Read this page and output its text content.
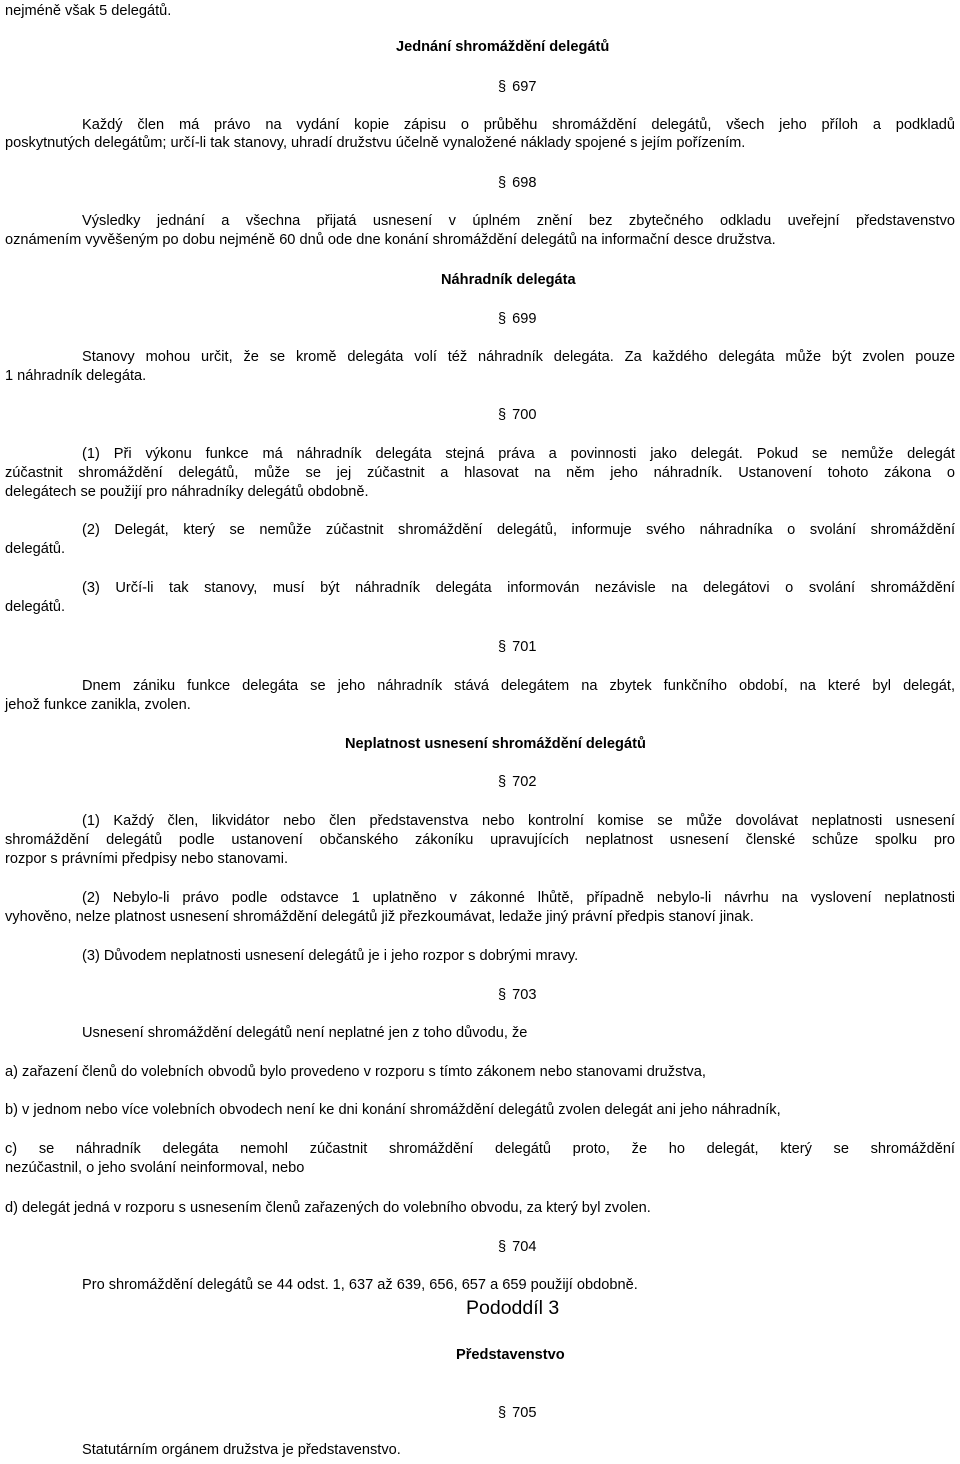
nejméně však 5 delegátů.
Jednání shromáždění delegátů
§ 697
Každý člen má právo na vydání kopie zápisu o průběhu shromáždění delegátů, všech jeho příloh a podkladů
poskytnutých delegátům; určí-li tak stanovy, uhradí družstvu účelně vynaložené náklady spojené s jejím pořízením.
§ 698
Výsledky jednání a všechna přijatá usnesení v úplném znění bez zbytečného odkladu uveřejní představenstvo
oznámením vyvěšeným po dobu nejméně 60 dnů ode dne konání shromáždění delegátů na informační desce družstva.
Náhradník delegáta
§ 699
Stanovy mohou určit, že se kromě delegáta volí též náhradník delegáta. Za každého delegáta může být zvolen pouze
1 náhradník delegáta.
§ 700
(1) Při výkonu funkce má náhradník delegáta stejná práva a povinnosti jako delegát. Pokud se nemůže delegát
zúčastnit shromáždění delegátů, může se jej zúčastnit a hlasovat na něm jeho náhradník. Ustanovení tohoto zákona o
delegátech se použijí pro náhradníky delegátů obdobně.
(2) Delegát, který se nemůže zúčastnit shromáždění delegátů, informuje svého náhradníka o svolání shromáždění
delegátů.
(3) Určí-li tak stanovy, musí být náhradník delegáta informován nezávisle na delegátovi o svolání shromáždění
delegátů.
§ 701
Dnem zániku funkce delegáta se jeho náhradník stává delegátem na zbytek funkčního období, na které byl delegát,
jehož funkce zanikla, zvolen.
Neplatnost usnesení shromáždění delegátů
§ 702
(1) Každý člen, likvidátor nebo člen představenstva nebo kontrolní komise se může dovolávat neplatnosti usnesení
shromáždění delegátů podle ustanovení občanského zákoníku upravujících neplatnost usnesení členské schůze spolku pro
rozpor s právními předpisy nebo stanovami.
(2) Nebylo-li právo podle odstavce 1 uplatněno v zákonné lhůtě, případně nebylo-li návrhu na vyslovení neplatnosti
vyhověno, nelze platnost usnesení shromáždění delegátů již přezkoumávat, ledaže jiný právní předpis stanoví jinak.
(3) Důvodem neplatnosti usnesení delegátů je i jeho rozpor s dobrými mravy.
§ 703
Usnesení shromáždění delegátů není neplatné jen z toho důvodu, že
a) zařazení členů do volebních obvodů bylo provedeno v rozporu s tímto zákonem nebo stanovami družstva,
b) v jednom nebo více volebních obvodech není ke dni konání shromáždění delegátů zvolen delegát ani jeho náhradník,
c) se náhradník delegáta nemohl zúčastnit shromáždění delegátů proto, že ho delegát, který se shromáždění
nezúčastnil, o jeho svolání neinformoval, nebo
d) delegát jedná v rozporu s usnesením členů zařazených do volebního obvodu, za který byl zvolen.
§ 704
Pro shromáždění delegátů se 44 odst. 1, 637 až 639, 656, 657 a 659 použijí obdobně.
Pododdíl 3
Představenstvo
§ 705
Statutárním orgánem družstva je představenstvo.
